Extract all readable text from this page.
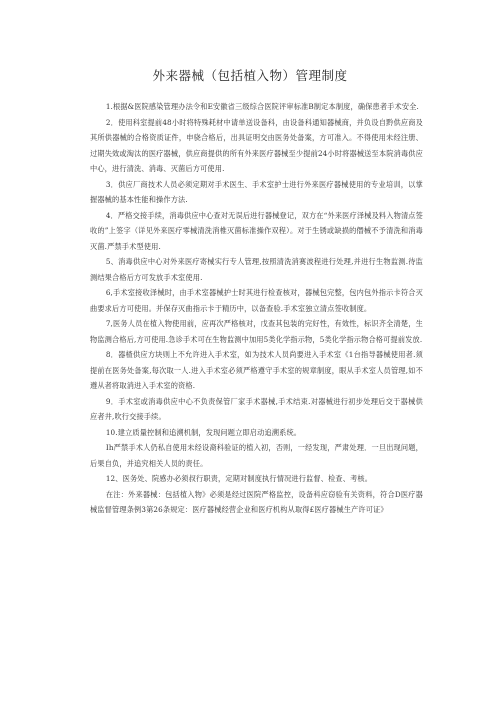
外来器械（包括植入物）管理制度

1.根据&医院感染管理办法令和E安徽省三级综合医院评审标准B制定本制度，确保患者手术安全.

2．使用科室提前48小时将特殊耗材中请单送设备科，由设备科通知器械商，并负设自黔供应商及其所供器械的合格资质证件，申骁合格后，出具证明交由医务处备案，方可准入。不得使用未经注册、过期失效或淘汰的医疗器械，供应商提供的所有外来医疗器械至少提前24小时将器械送至本院消毒供应中心，进行清洗、消毒、灭菌后方可使用.

3．供应厂商技术人员必须定期对手术医生、手术室护士进行外来医疗器械使用的专业培训，以掌握器械的基本性能和操作方法.

4．严格交接手续，消毒供应中心查对无误后进行器械登记，双方在“外来医疗泽械及料入物清点签收的”上签字（详见外来医疗零械清洗消椎灭菌标准操作双程）。对于生锈或缺损的僭械不予清洗和消毒灭菌.严禁手术型使用.

5、消毒供应中心对外来医疗寄械实行专人管理,按照清洗消赛波程进行处理,并进行生物监测.待监测结果合格后方可发放手术室使用.

6,手术室接收泽械时，由手术室器械护士时其进行检查核对，器械包完整，包内包外指示卡符合灭曲要求后方可使用。并保存灭曲指示卡于精历中，以备查验.手术室独立清点签收制度。

7,医务人员在植入物使用前，应再次严格核对，戊查其包装的完好性，有效性，标识齐全清楚，生物监测合格后,方可使用.急诊手术可在生物监测中加用5类化学指示物，5类化学指示物合格可提前发放.

8．器楂供应方块则上不允许进入手术室，如为技术人员尚要进入手术室《1台指导器械使用者.须提前在医务处备案,每次取一人.进入手术室必须严格遵守手术室的规章制度，眼从手术室人员管理,如不遵从者将取消进入手术室的资格.

9．手术室或消毒供应中心不负责保管厂家手术器械,手术结束.对器械进行初步处理后交于器械供应者井,吹行交接手续。

10.建立质量控制和追溯机制，发现问题立即启动追溯系统。

Ih严禁手术人仍私自使用未经设裔科验证的植入初，否则，一经发现，严肃处理．一旦出现问题，后果自负，并追究相关人员的责任。

12、医务处、院感办必须叔行职责，定期对制度执行情况进行监督、检查、考核。

在注：外来器械：包括植入物》必须是经过医院严格监控，设备科应窃验有关资料，符合D医疗器械监督管理条例3第26条规定：医疗器械经营企业和医疗机构从取得£医疗器械生产许可证》
